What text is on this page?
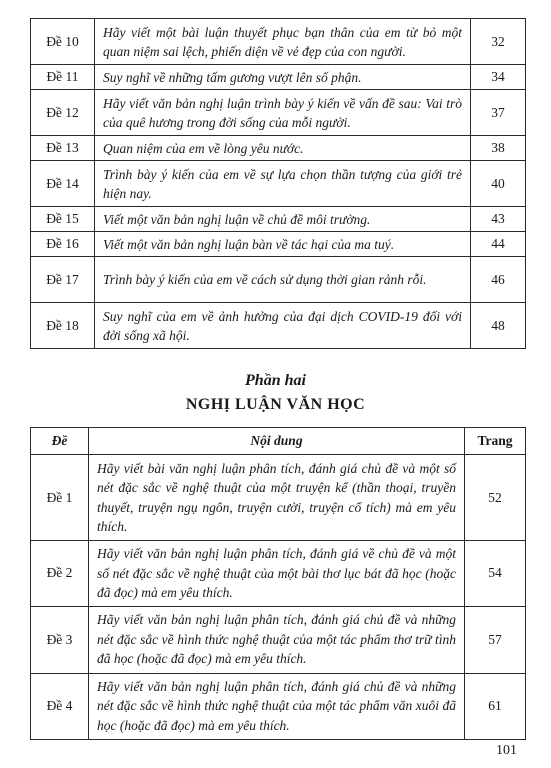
Đề 10	Hãy viết một bài luận thuyết phục bạn thân của em từ bỏ một quan niệm sai lệch, phiến diện về vẻ đẹp của con người.	32
Đề 11	Suy nghĩ về những tấm gương vượt lên số phận.	34
Đề 12	Hãy viết văn bản nghị luận trình bày ý kiến về vấn đề sau: Vai trò của quê hương trong đời sống của mỗi người.	37
Đề 13	Quan niệm của em về lòng yêu nước.	38
Đề 14	Trình bày ý kiến của em về sự lựa chọn thần tượng của giới trẻ hiện nay.	40
Đề 15	Viết một văn bản nghị luận về chủ đề môi trường.	43
Đề 16	Viết một văn bản nghị luận bàn về tác hại của ma tuý.	44
Đề 17	Trình bày ý kiến của em về cách sử dụng thời gian rảnh rỗi.	46
Đề 18	Suy nghĩ của em về ảnh hưởng của đại dịch COVID-19 đối với đời sống xã hội.	48
Phần hai
NGHỊ LUẬN VĂN HỌC
Đề	Nội dung	Trang
Đề 1	Hãy viết bài văn nghị luận phân tích, đánh giá chủ đề và một số nét đặc sắc về nghệ thuật của một truyện kể (thần thoại, truyền thuyết, truyện ngụ ngôn, truyện cười, truyện cổ tích) mà em yêu thích.	52
Đề 2	Hãy viết văn bản nghị luận phân tích, đánh giá về chủ đề và một số nét đặc sắc về nghệ thuật của một bài thơ lục bát đã học (hoặc đã đọc) mà em yêu thích.	54
Đề 3	Hãy viết văn bản nghị luận phân tích, đánh giá chủ đề và những nét đặc sắc về hình thức nghệ thuật của một tác phẩm thơ trữ tình đã học (hoặc đã đọc) mà em yêu thích.	57
Đề 4	Hãy viết văn bản nghị luận phân tích, đánh giá chủ đề và những nét đặc sắc về hình thức nghệ thuật của một tác phẩm văn xuôi đã học (hoặc đã đọc) mà em yêu thích.	61
101
